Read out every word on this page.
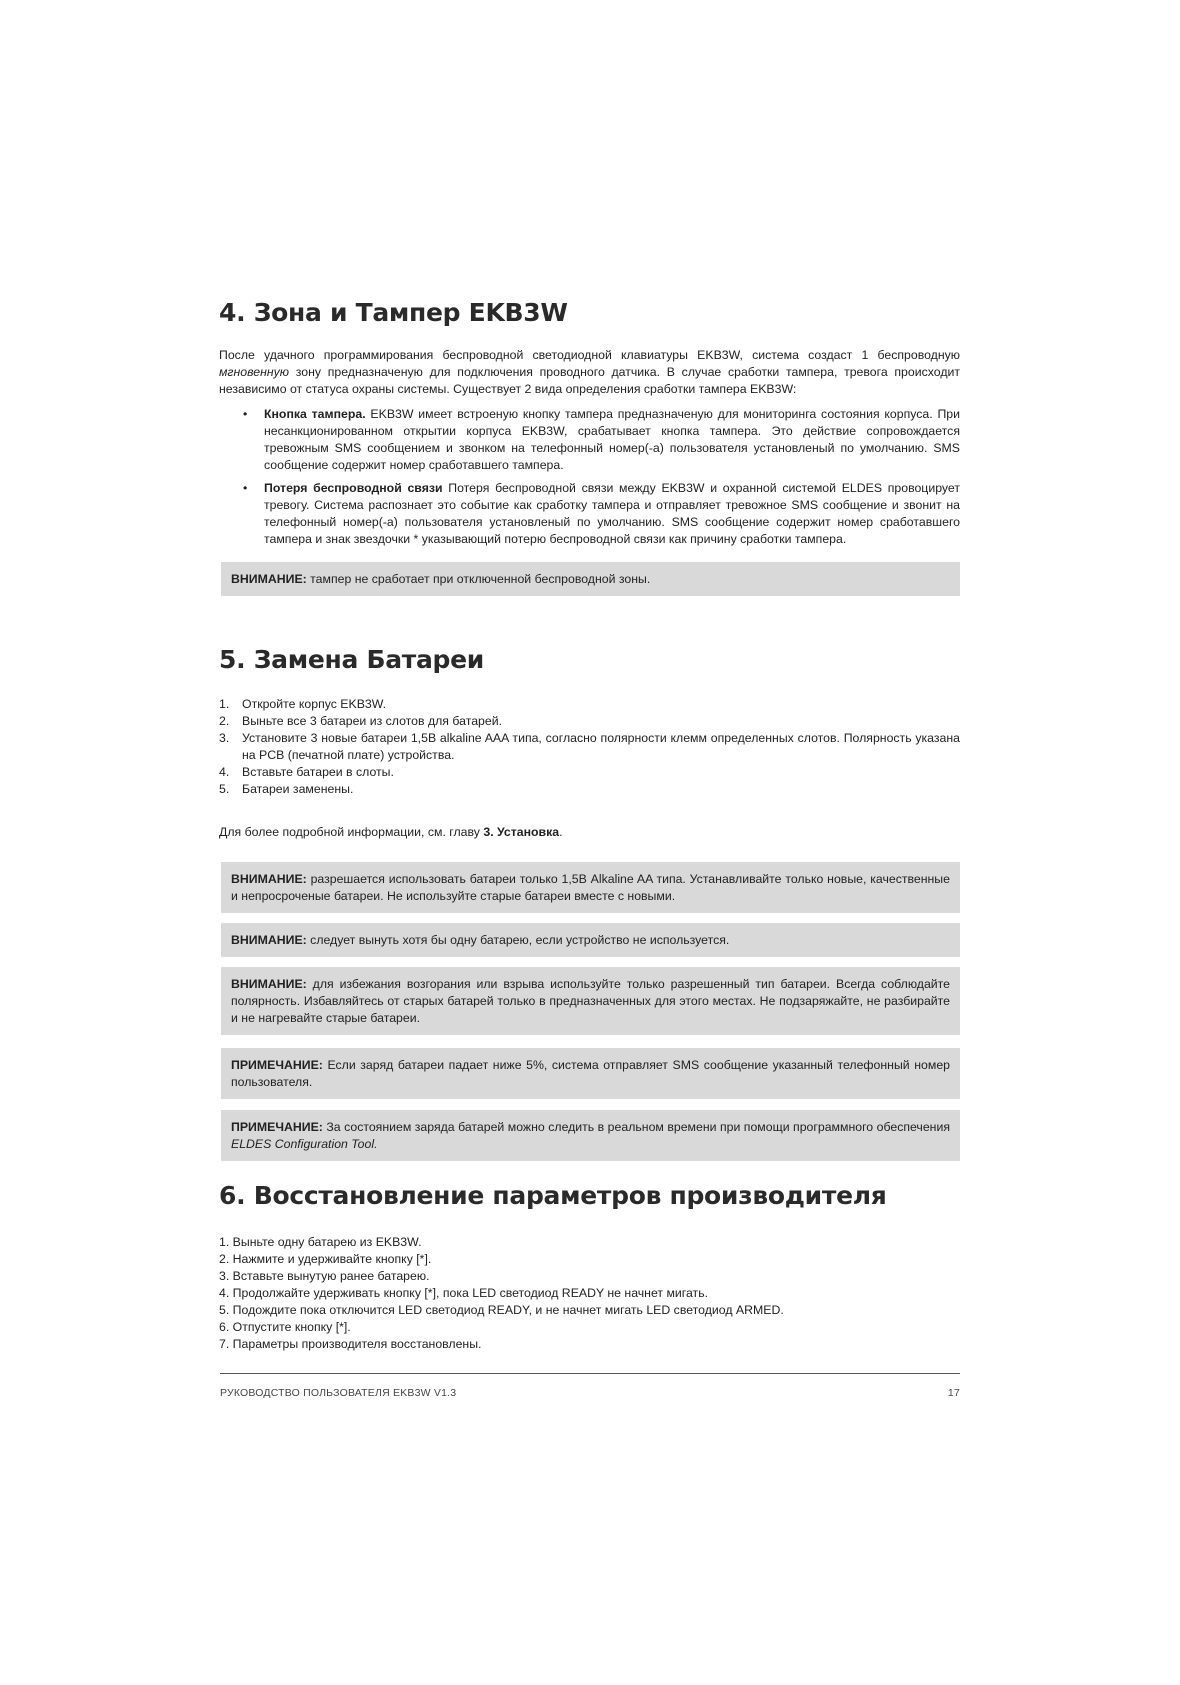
4. Зона и Тампер EKB3W

После удачного программирования беспроводной светодиодной клавиатуры EKB3W, система создаст 1 беспроводную мгновенную зону предназначеную для подключения проводного датчика. В случае сработки тампера, тревога происходит независимо от статуса охраны системы. Существует 2 вида определения сработки тампера EKB3W:

• Кнопка тампера. EKB3W имеет встроеную кнопку тампера предназначеную для мониторинга состояния корпуса. При несанкционированном открытии корпуса EKB3W, срабатывает кнопка тампера. Это действие сопровождается тревожным SMS сообщением и звонком на телефонный номер(-а) пользователя установленый по умолчанию. SMS сообщение содержит номер сработавшего тампера.
• Потеря беспроводной связи Потеря беспроводной связи между EKB3W и охранной системой ELDES провоцирует тревогу. Система распознает это событие как сработку тампера и отправляет тревожное SMS сообщение и звонит на телефонный номер(-а) пользователя установленый по умолчанию. SMS сообщение содержит номер сработавшего тампера и знак звездочки * указывающий потерю беспроводной связи как причину сработки тампера.
ВНИМАНИЕ: тампер не сработает при отключенной беспроводной зоны.
5. Замена Батареи
1. Откройте корпус EKB3W.
2. Выньте все 3 батареи из слотов для батарей.
3. Установите 3 новые батареи 1,5В alkaline AAA типа, согласно полярности клемм определенных слотов. Полярность указана на PCB (печатной плате) устройства.
4. Вставьте батареи в слоты.
5. Батареи заменены.

Для более подробной информации, см. главу 3. Установка.

ВНИМАНИЕ: разрешается использовать батареи только 1,5В Alkaline AA типа. Устанавливайте только новые, качественные и непросроченые батареи. Не используйте старые батареи вместе с новыми.
ВНИМАНИЕ: следует вынуть хотя бы одну батарею, если устройство не используется.
ВНИМАНИЕ: для избежания возгорания или взрыва используйте только разрешенный тип батареи. Всегда соблюдайте полярность. Избавляйтесь от старых батарей только в предназначенных для этого местах. Не подзаряжайте, не разбирайте и не нагревайте старые батареи.
ПРИМЕЧАНИЕ: Если заряд батареи падает ниже 5%, система отправляет SMS сообщение указанный телефонный номер пользователя.
ПРИМЕЧАНИЕ: За состоянием заряда батарей можно следить в реальном времени при помощи программного обеспечения ELDES Configuration Tool.
6. Восстановление параметров производителя
1. Выньте одну батарею из EKB3W.
2. Нажмите и удерживайте кнопку [*].
3. Вставьте вынутую ранее батарею.
4. Продолжайте удерживать кнопку [*], пока LED светодиод READY не начнет мигать.
5. Подождите пока отключится LED светодиод READY, и не начнет мигать LED светодиод ARMED.
6. Отпустите кнопку [*].
7. Параметры производителя восстановлены.
РУКОВОДСТВО ПОЛЬЗОВАТЕЛЯ EKB3W V1.3	17
